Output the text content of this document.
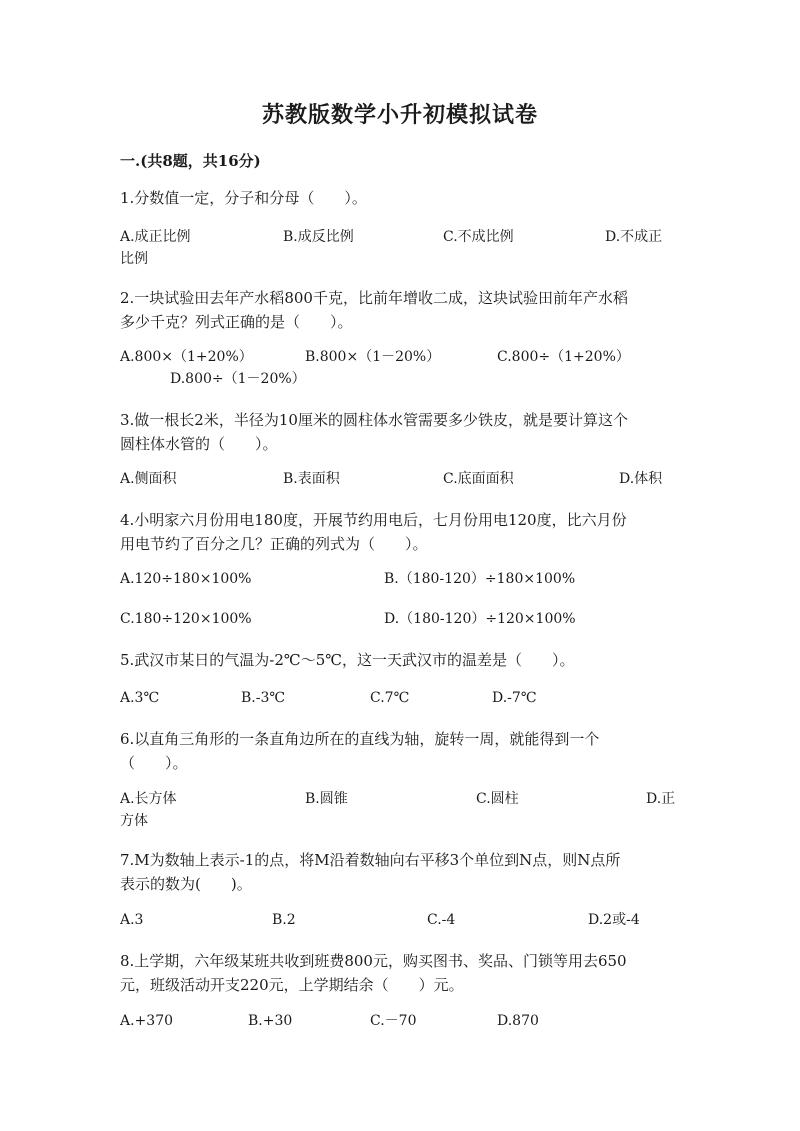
苏教版数学小升初模拟试卷
一.(共8题，共16分)
1.分数值一定，分子和分母（　　）。
A.成正比例	B.成反比例	C.不成比例	D.不成正
比例
2.一块试验田去年产水稻800千克，比前年增收二成，这块试验田前年产水稻
多少千克？列式正确的是（　　）。
A.800×（1+20%）	B.800×（1－20%）	C.800÷（1+20%）
D.800÷（1－20%）
3.做一根长2米，半径为10厘米的圆柱体水管需要多少铁皮，就是要计算这个
圆柱体水管的（　　）。
A.侧面积	B.表面积	C.底面面积	D.体积
4.小明家六月份用电180度，开展节约用电后，七月份用电120度，比六月份
用电节约了百分之几？正确的列式为（　　）。
A.120÷180×100%	B.（180-120）÷180×100%
C.180÷120×100%	D.（180-120）÷120×100%
5.武汉市某日的气温为-2℃～5℃，这一天武汉市的温差是（　　）。
A.3℃	B.-3℃	C.7℃	D.-7℃
6.以直角三角形的一条直角边所在的直线为轴，旋转一周，就能得到一个
（　　）。
A.长方体	B.圆锥	C.圆柱	D.正
方体
7.M为数轴上表示-1的点，将M沿着数轴向右平移3个单位到N点，则N点所
表示的数为(　　)。
A.3	B.2	C.-4	D.2或-4
8.上学期，六年级某班共收到班费800元，购买图书、奖品、门锁等用去650
元，班级活动开支220元，上学期结余（　　）元。
A.+370	B.+30	C.－70	D.870
